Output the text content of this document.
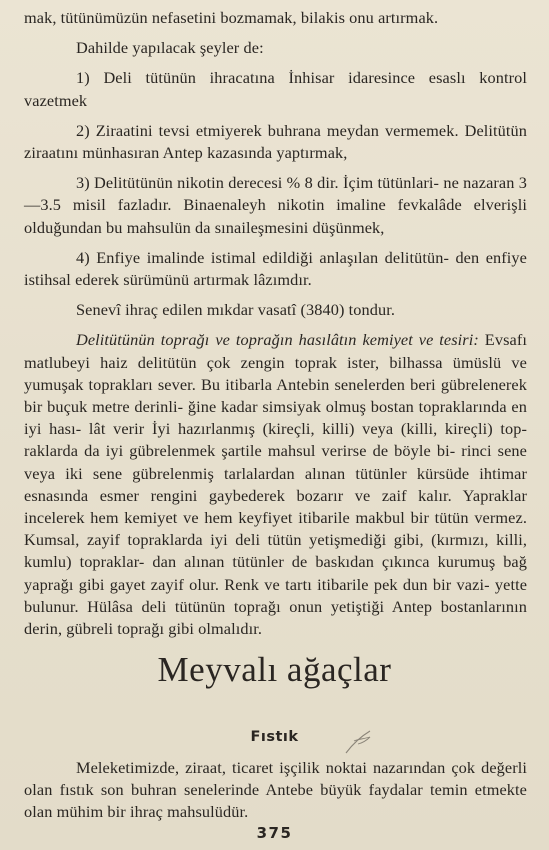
mak, tütünümüzün nefasetini bozmamak, bilakis onu artırmak.

Dahilde yapılacak şeyler de:

1) Deli tütünün ihracatına İnhisar idaresince esaslı kontrol vazetmek

2) Ziraatini tevsi etmiyerek buhrana meydan vermemek. Delitütün ziraatını münhasıran Antep kazasında yaptırmak,

3) Delitütünün nikotin derecesi % 8 dir. İçim tütünlari- ne nazaran 3—3.5 misil fazladır. Binaenaleyh nikotin imaline fevkalâde elverişli olduğundan bu mahsulün da sınaileşmesini düşünmek,

4) Enfiye imalinde istimal edildiği anlaşılan delitütün- den enfiye istihsal ederek sürümünü artırmak lâzımdır.

Senevî ihraç edilen mıkdar vasatî (3840) tondur.

Delitütünün toprağı ve toprağın hasılâtın kemiyet ve tesiri: Evsafı matlubeyi haiz delitütün çok zengin toprak ister, bilhassa ümüslü ve yumuşak toprakları sever. Bu itibarla Antebin senelerden beri gübrelenerek bir buçuk metre derinli- ğine kadar simsiyak olmuş bostan topraklarında en iyi hası- lât verir İyi hazırlanmış (kireçli, killi) veya (killi, kireçli) top- raklarda da iyi gübrelenmek şartile mahsul verirse de böyle bi- rinci sene veya iki sene gübrelenmiş tarlalardan alınan tütünler kürsüde ihtimar esnasında esmer rengini gaybederek bozarır ve zaif kalır. Yapraklar incelerek hem kemiyet ve hem keyfiyet itibarile makbul bir tütün vermez. Kumsal, zayif topraklarda iyi deli tütün yetişmediği gibi, (kırmızı, killi, kumlu) topraklar- dan alınan tütünler de baskıdan çıkınca kurumuş bağ yaprağı gibi gayet zayif olur. Renk ve tartı itibarile pek dun bir vazi- yette bulunur. Hülâsa deli tütünün toprağı onun yetiştiği Antep bostanlarının derin, gübreli toprağı gibi olmalıdır.

Meyvalı ağaçlar
Fıstık

Meleketimizde, ziraat, ticaret işçilik noktai nazarından çok değerli olan fıstık son buhran senelerinde Antebe büyük faydalar temin etmekte olan mühim bir ihraç mahsulüdür.

375
